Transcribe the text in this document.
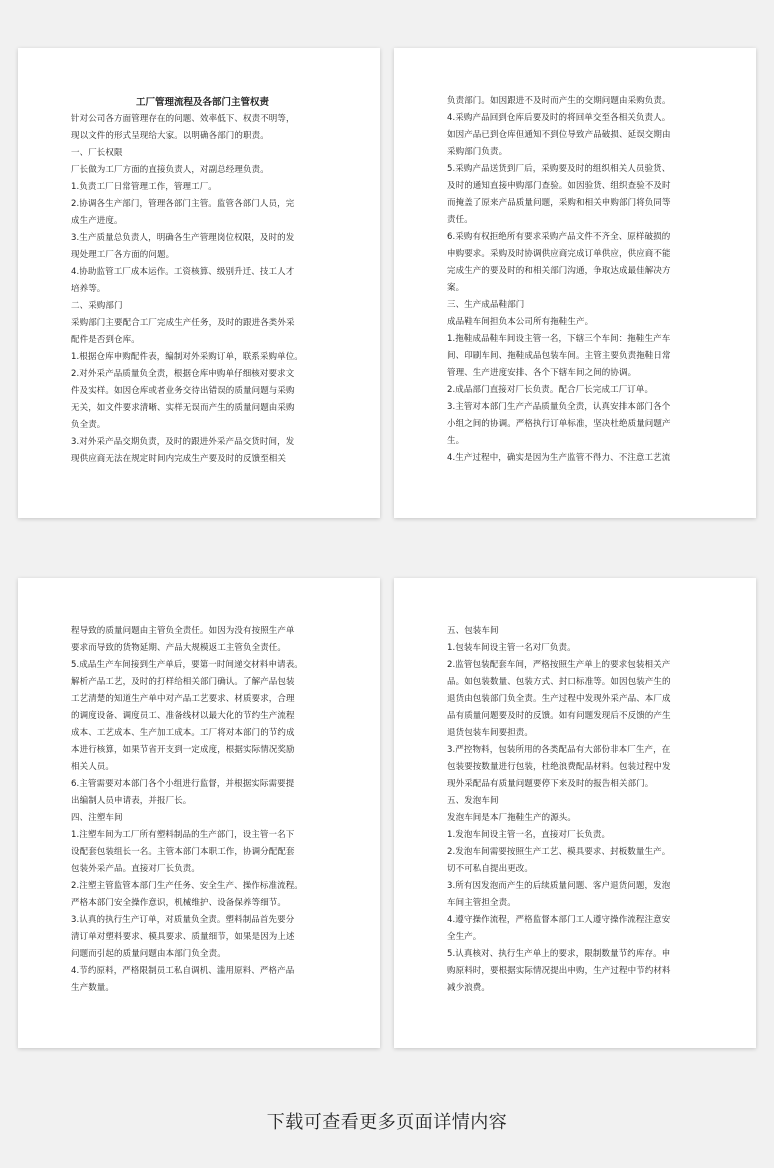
工厂管理流程及各部门主管权责
针对公司各方面管理存在的问题、效率低下、权责不明等，
现以文件的形式呈现给大家。以明确各部门的职责。
一、厂长权限
厂长做为工厂方面的直接负责人，对副总经理负责。
1.负责工厂日常管理工作，管理工厂。
2.协调各生产部门，管理各部门主管。监管各部门人员，完
成生产进度。
3.生产质量总负责人，明确各生产管理岗位权限，及时的发
现处理工厂各方面的问题。
4.协助监管工厂成本运作。工资核算、级别升迁、技工人才
培养等。
二、采购部门
采购部门主要配合工厂完成生产任务，及时的跟进各类外采
配件是否到仓库。
1.根据仓库申购配件表，编制对外采购订单，联系采购单位。
2.对外采产品质量负全责，根据仓库申购单仔细核对要求文
件及实样。如因仓库或者业务交待出错误的质量问题与采购
无关，如文件要求清晰、实样无误而产生的质量问题由采购
负全责。
3.对外采产品交期负责，及时的跟进外采产品交货时间，发
现供应商无法在规定时间内完成生产要及时的反馈至相关
负责部门。如因跟进不及时而产生的交期问题由采购负责。
4.采购产品回到仓库后要及时的将回单交至各相关负责人。
如因产品已到仓库但通知不到位导致产品破损、延误交期由
采购部门负责。
5.采购产品送货到厂后，采购要及时的组织相关人员验货、
及时的通知直接申购部门查验。如因验货、组织查验不及时
而掩盖了原来产品质量问题，采购和相关申购部门将负同等
责任。
6.采购有权拒绝所有要求采购产品文件不齐全、原样破损的
申购要求。采购及时协调供应商完成订单供应，供应商不能
完成生产的要及时的和相关部门沟通，争取达成最佳解决方
案。
三、生产成品鞋部门
成品鞋车间担负本公司所有拖鞋生产。
1.拖鞋成品鞋车间设主管一名，下辖三个车间：拖鞋生产车
间、印刷车间、拖鞋成品包装车间。主管主要负责拖鞋日常
管理、生产进度安排、各个下辖车间之间的协调。
2.成品部门直接对厂长负责。配合厂长完成工厂订单。
3.主管对本部门生产产品质量负全责，认真安排本部门各个
小组之间的协调。严格执行订单标准，坚决杜绝质量问题产
生。
4.生产过程中，确实是因为生产监管不得力、不注意工艺流
程导致的质量问题由主管负全责任。如因为没有按照生产单
要求而导致的货物延期、产品大规模返工主管负全责任。
5.成品生产车间接到生产单后，要第一时间递交材料申请表。
解析产品工艺，及时的打样给相关部门确认。了解产品包装
工艺清楚的知道生产单中对产品工艺要求、材质要求，合理
的调度设备、调度员工、准备线材以最大化的节约生产流程
成本、工艺成本、生产加工成本。工厂将对本部门的节约成
本进行核算，如果节省开支到一定成度，根据实际情况奖励
相关人员。
6.主管需要对本部门各个小组进行监督，并根据实际需要提
出编制人员申请表，并报厂长。
四、注塑车间
1.注塑车间为工厂所有塑料制品的生产部门，设主管一名下
设配套包装组长一名。主管本部门本职工作，协调分配配套
包装外采产品。直接对厂长负责。
2.注塑主管监管本部门生产任务、安全生产、操作标准流程。
严格本部门安全操作意识，机械维护、设备保养等细节。
3.认真的执行生产订单，对质量负全责。塑料制品首先要分
清订单对塑料要求、模具要求、质量细节，如果是因为上述
问题而引起的质量问题由本部门负全责。
4.节约原料，严格限制员工私自调机、滥用原料、严格产品
生产数量。
五、包装车间
1.包装车间设主管一名对厂负责。
2.监管包装配套车间，严格按照生产单上的要求包装相关产
品。如包装数量、包装方式、封口标准等。如因包装产生的
退货由包装部门负全责。生产过程中发现外采产品、本厂成
品有质量问题要及时的反馈。如有问题发现后不反馈的产生
退货包装车间要担责。
3.严控物料，包装所用的各类配品有大部份非本厂生产，在
包装要按数量进行包装，杜绝浪费配品材料。包装过程中发
现外采配品有质量问题要停下来及时的报告相关部门。
五、发泡车间
发泡车间是本厂拖鞋生产的源头。
1.发泡车间设主管一名，直接对厂长负责。
2.发泡车间需要按照生产工艺、模具要求、封板数量生产。
切不可私自提出更改。
3.所有因发泡而产生的后续质量问题、客户退货问题，发泡
车间主管担全责。
4.遵守操作流程，严格监督本部门工人遵守操作流程注意安
全生产。
5.认真核对、执行生产单上的要求，限制数量节约库存。申
购原料时，要根据实际情况提出申购，生产过程中节约材料
减少浪费。
下载可查看更多页面详情内容
